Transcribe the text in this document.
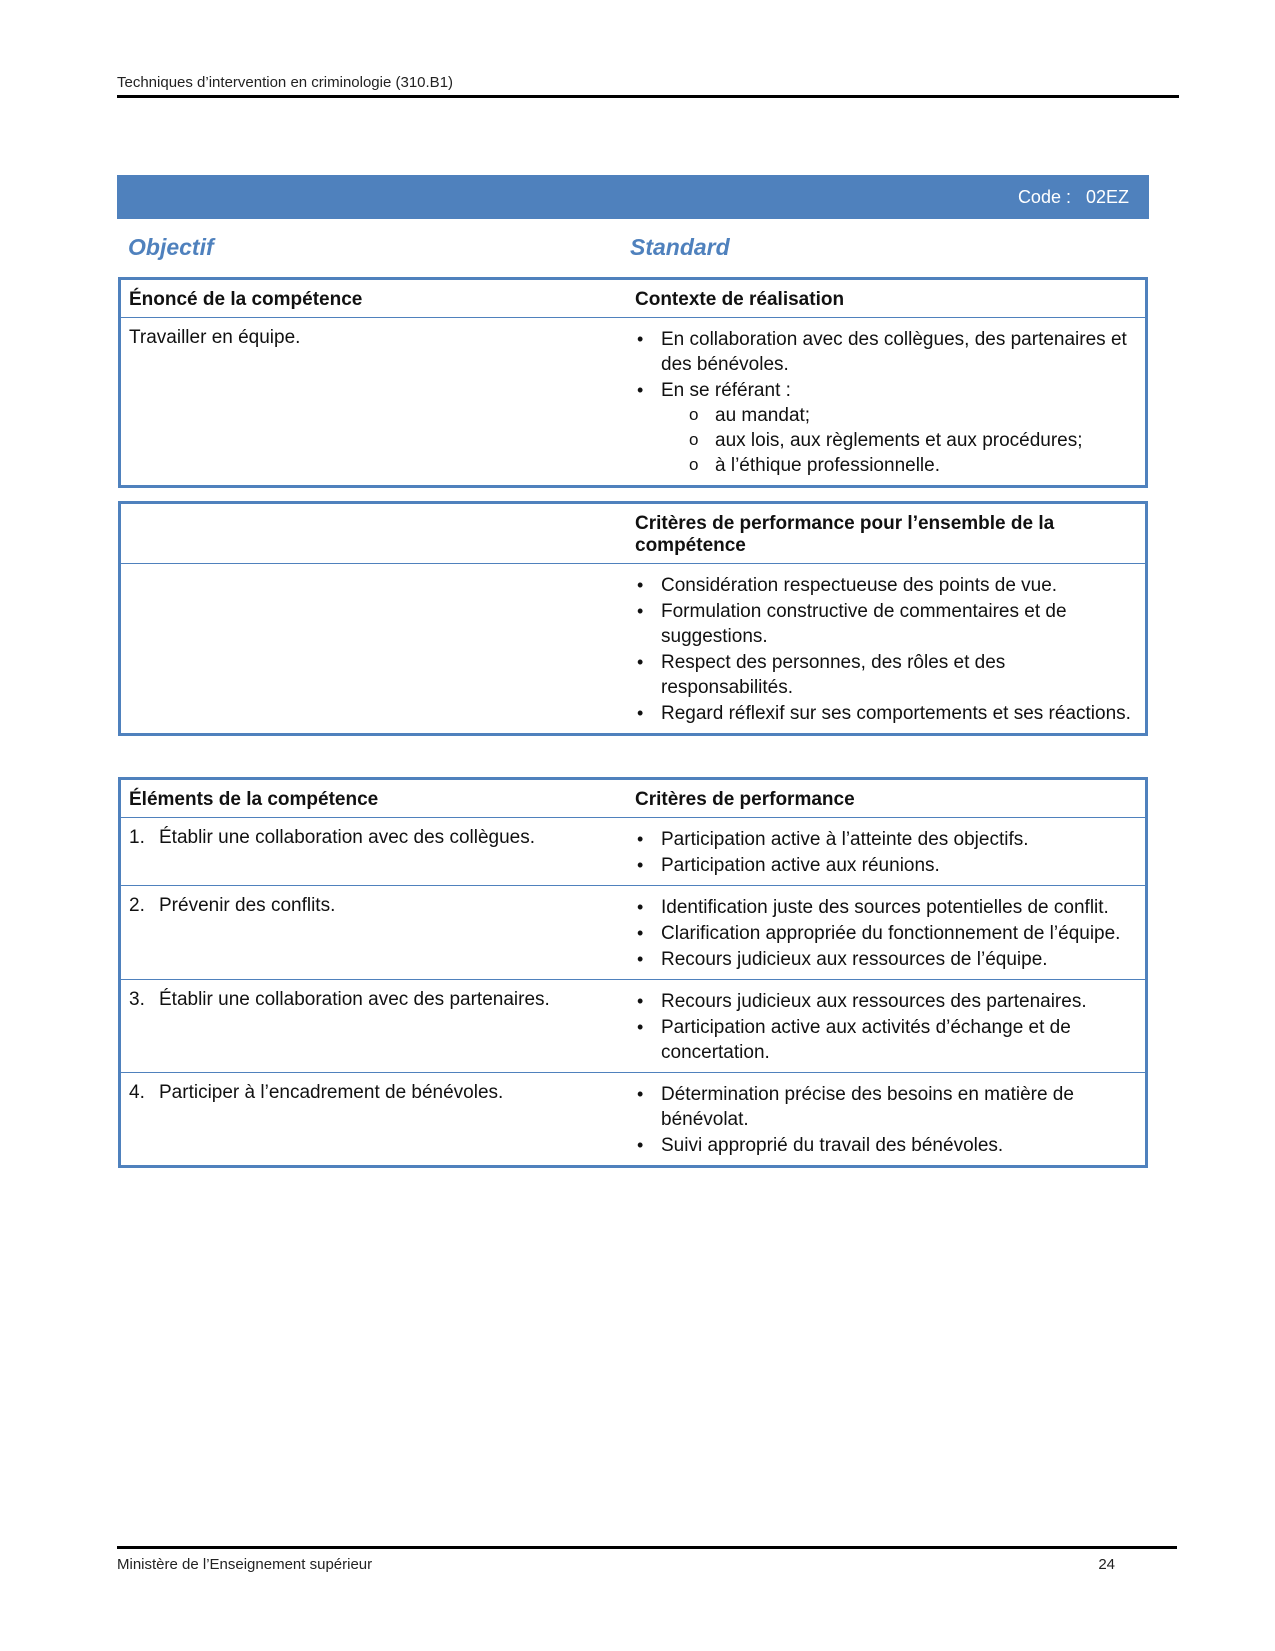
Techniques d’intervention en criminologie (310.B1)
Code :   02EZ
Objectif	Standard
Énoncé de la compétence	Contexte de réalisation
Travailler en équipe.	• En collaboration avec des collègues, des partenaires et des bénévoles.
• En se référant :
o au mandat;
o aux lois, aux règlements et aux procédures;
o à l’éthique professionnelle.
Critères de performance pour l’ensemble de la compétence
• Considération respectueuse des points de vue.
• Formulation constructive de commentaires et de suggestions.
• Respect des personnes, des rôles et des responsabilités.
• Regard réflexif sur ses comportements et ses réactions.
Éléments de la compétence	Critères de performance
1. Établir une collaboration avec des collègues.	• Participation active à l’atteinte des objectifs.
• Participation active aux réunions.
2. Prévenir des conflits.	• Identification juste des sources potentielles de conflit.
• Clarification appropriée du fonctionnement de l’équipe.
• Recours judicieux aux ressources de l’équipe.
3. Établir une collaboration avec des partenaires.	• Recours judicieux aux ressources des partenaires.
• Participation active aux activités d’échange et de concertation.
4. Participer à l’encadrement de bénévoles.	• Détermination précise des besoins en matière de bénévolat.
• Suivi approprié du travail des bénévoles.
Ministère de l’Enseignement supérieur	24
